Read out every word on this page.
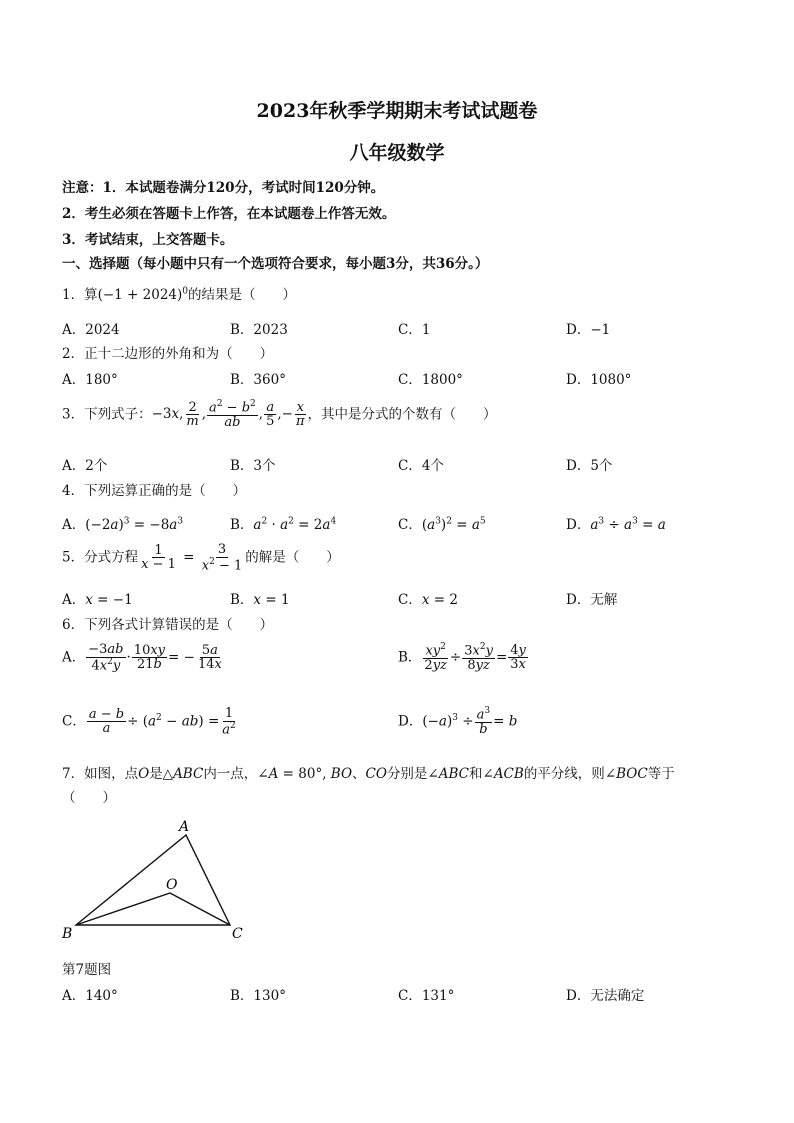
2023年秋季学期期末考试试题卷
八年级数学
注意：1．本试题卷满分120分，考试时间120分钟。
2．考生必须在答题卡上作答，在本试题卷上作答无效。
3．考试结束，上交答题卡。
一、选择题（每小题中只有一个选项符合要求，每小题3分，共36分。）
1．算$(-1 + 2024)^0$的结果是（　　）
A．2024	B．2023	C．1	D．−1
2．正十二边形的外角和为（　　）
A．180°	B．360°	C．1800°	D．1080°
3．下列式子：−3x, $\frac{2}{m}$ , $\frac{a^2 - b^2}{ab}$ , $\frac{a}{5}$ ,− $\frac{x}{\pi}$ ，其中是分式的个数有（　　）
A．2个	B．3个	C．4个	D．5个
4．下列运算正确的是（　　）
A．$(-2a)^3 = -8a^3$	B．$a^2 \cdot a^2 = 2a^4$	C．$(a^3)^2 = a^5$	D．$a^3 \div a^3 = a$
5．分式方程 $\frac{1}{x - 1} = \frac{3}{x^2 - 1}$ 的解是（　　）
A．x = −1	B．x = 1	C．x = 2	D．无解
6．下列各式计算错误的是（　　）
A． $\frac{-3ab}{4x^2y} \cdot \frac{10xy}{21b}$ = − $\frac{5a}{14x}$	B． $\frac{xy^2}{2yz} \div \frac{3x^2y}{8yz} = \frac{4y}{3x}$
C． $\frac{a - b}{a} \div (a^2 - ab) = \frac{1}{a^2}$	D．$(-a)^3 \div \frac{a^3}{b} = b$
7．如图，点O是△ABC内一点，∠A = 80°, BO、CO分别是∠ABC和∠ACB的平分线，则∠BOC等于
（　　）
A
O
B	C
第7题图
A．140°	B．130°	C．131°	D．无法确定
